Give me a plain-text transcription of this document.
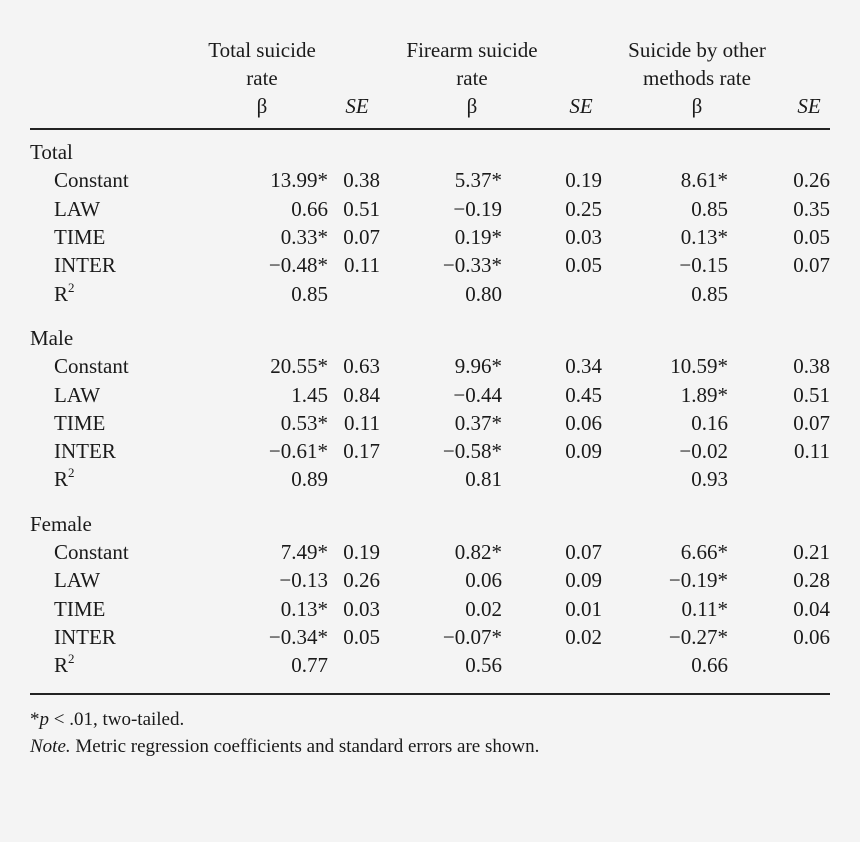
Total suicide
rate
Firearm suicide
rate
Suicide by other
methods rate
β	SE	β	SE	β	SE
Total						
Constant	13.99*	0.38	5.37*	0.19	8.61*	0.26
LAW	0.66	0.51	−0.19	0.25	0.85	0.35
TIME	0.33*	0.07	0.19*	0.03	0.13*	0.05
INTER	−0.48*	0.11	−0.33*	0.05	−0.15	0.07
$R^2$	0.85		0.80		0.85	

Male						
Constant	20.55*	0.63	9.96*	0.34	10.59*	0.38
LAW	1.45	0.84	−0.44	0.45	1.89*	0.51
TIME	0.53*	0.11	0.37*	0.06	0.16	0.07
INTER	−0.61*	0.17	−0.58*	0.09	−0.02	0.11
$R^2$	0.89		0.81		0.93	

Female						
Constant	7.49*	0.19	0.82*	0.07	6.66*	0.21
LAW	−0.13	0.26	0.06	0.09	−0.19*	0.28
TIME	0.13*	0.03	0.02	0.01	0.11*	0.04
INTER	−0.34*	0.05	−0.07*	0.02	−0.27*	0.06
$R^2$	0.77		0.56		0.66	
*p < .01, two-tailed.
Note. Metric regression coefficients and standard errors are shown.
